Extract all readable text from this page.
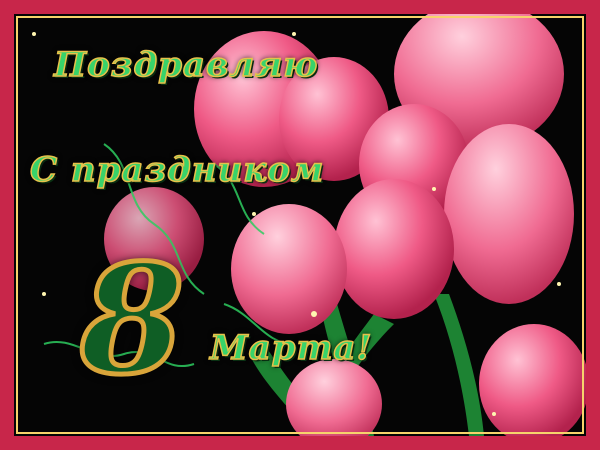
Поздравляю
С праздником
Марта!
8
